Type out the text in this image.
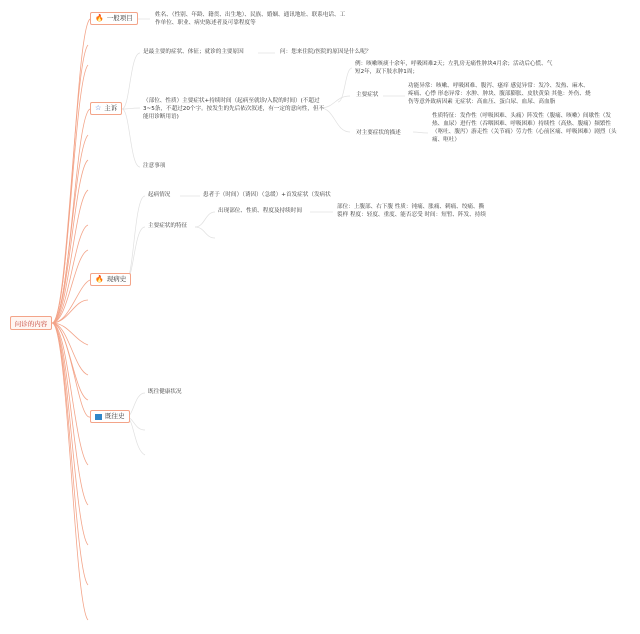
问诊的内容
🔥 一般项目	姓名、（性别、年龄、籍贯、出生地）、民族、婚姻、通讯地址、联系电话、工作单位、职业、病史陈述者及可靠程度等
☆ 主诉
是最主要的症状、体征；就诊的主要原因	问：您来住院/医院的原因是什么呢？
（部位、性质）主要症状+持续时间（起病至就诊/入院的时间）(不超过3~5条，不超过20个字。按发生的先后依次叙述，有一定的意向性，但不能用诊断用语)
例：咳嗽咳痰十余年，呼吸困难2天；左乳房无痛性肿块4月余；活动后心慌、气短2年，双下肢水肿1周；
主要症状
功能异常：咳嗽、呼吸困难、腹泻、瘙痒 感觉异常：发冷、发热、麻木、疼痛、心悸 形态异常：水肿、肿块、腹部膨胀、皮肤黄染 其他：外伤、烧伤等意外致病因素 无症状：高血压、蛋白尿、血尿、高血脂
对主要症状的描述
性质特征：发作性（呼吸困难、头痛）阵发性（腹痛、咳嗽）间歇性（发热、血尿）进行性（吞咽困难、呼吸困难）持续性（高热、腹痛）频繁性（呕吐、腹泻）游走性（关节痛）劳力性（心前区痛、呼吸困难）剧烈（头痛、呕吐）
注意事项
🔥 现病史
起病情况	患者于（时间）（诱因）（急缓）+首发症状（发病状
主要症状的特征
出现部位、性质、程度及持续时间
部位：上腹部、右下腹 性质：钝痛、胀痛、刺痛、绞痛、撕裂样 程度：轻度、重度、能否忍受 时间：短暂、阵发、持续
既往史
既往健康状况
